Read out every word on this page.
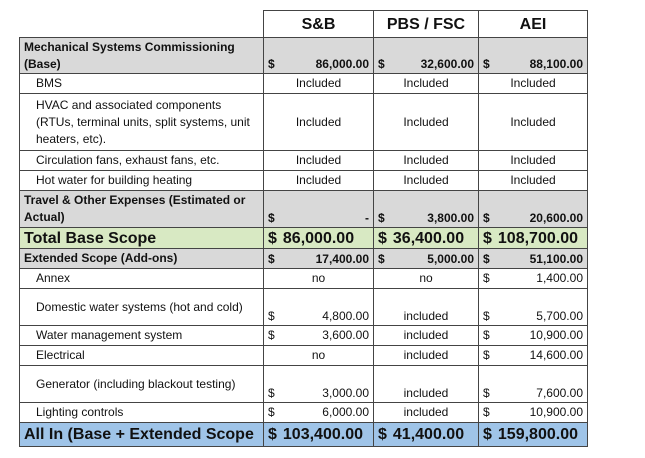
	S&B	PBS / FSC	AEI
Mechanical Systems Commissioning (Base)	$ 86,000.00	$ 32,600.00	$ 88,100.00

BMS	Included	Included	Included
HVAC and associated components (RTUs, terminal units, split systems, unit heaters, etc).	Included	Included	Included
Circulation fans, exhaust fans, etc.	Included	Included	Included
Hot water for building heating	Included	Included	Included
Travel & Other Expenses (Estimated or Actual)	$ -	$ 3,800.00	$ 20,600.00

Total Base Scope	$ 86,000.00	$ 36,400.00	$ 108,700.00

Extended Scope (Add-ons)	$ 17,400.00	$ 5,000.00	$ 51,100.00

Annex	no	no	$ 1,400.00

Domestic water systems (hot and cold)	$ 4,800.00	included	$ 5,700.00

Water management system	$ 3,600.00	included	$ 10,900.00

Electrical	no	included	$ 14,600.00

Generator (including blackout testing)	$ 3,000.00	included	$ 7,600.00

Lighting controls	$ 6,000.00	included	$ 10,900.00

All In (Base + Extended Scope	$ 103,400.00	$ 41,400.00	$ 159,800.00
